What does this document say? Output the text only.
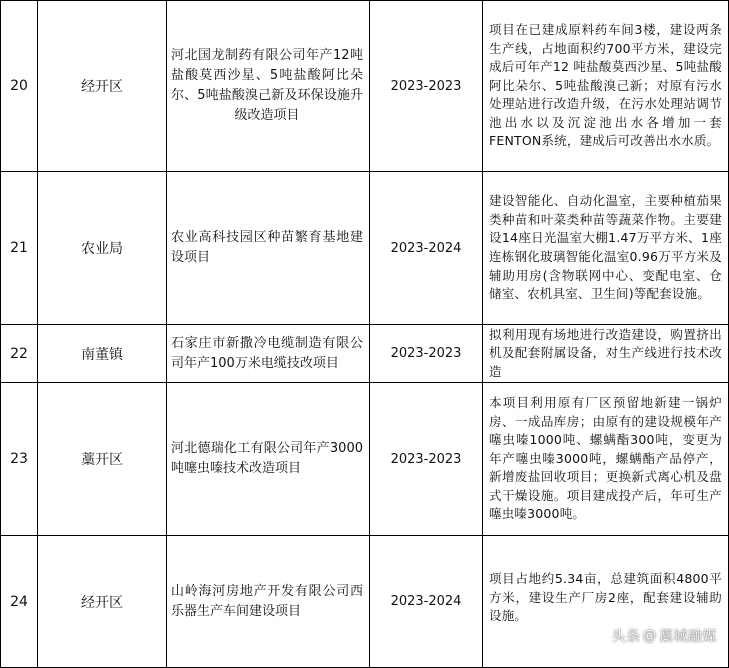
20	经开区	河北国龙制药有限公司年产12吨盐酸莫西沙星、5吨盐酸阿比朵尔、5吨盐酸溴己新及环保设施升级改造项目	2023-2023	项目在已建成原料药车间3楼，建设两条生产线，占地面积约700平方米，建设完成后可年产12 吨盐酸莫西沙星、5吨盐酸阿比朵尔、5吨盐酸溴己新；对原有污水处理站进行改造升级，在污水处理站调节池出水以及沉淀池出水各增加一套FENTON系统，建成后可改善出水水质。
21	农业局	农业高科技园区种苗繁育基地建设项目	2023-2024	建设智能化、自动化温室，主要种植茄果类种苗和叶菜类种苗等蔬菜作物。主要建设14座日光温室大棚1.47万平方米、1座连栋钢化玻璃智能化温室0.96万平方米及辅助用房(含物联网中心、变配电室、仓储室、农机具室、卫生间)等配套设施。
22	南董镇	石家庄市新撒冷电缆制造有限公司年产100万米电缆技改项目	2023-2023	拟利用现有场地进行改造建设，购置挤出机及配套附属设备，对生产线进行技术改造
23	藁开区	河北德瑞化工有限公司年产3000吨噻虫嗪技术改造项目	2023-2023	本项目利用原有厂区预留地新建一锅炉房、一成品库房；由原有的建设规模年产噻虫嗪1000吨、螺螨酯300吨，变更为年产噻虫嗪3000吨，螺螨酯产品停产，新增废盐回收项目；更换新式离心机及盘式干燥设施。项目建成投产后，年可生产噻虫嗪3000吨。
24	经开区	山岭海河房地产开发有限公司西乐器生产车间建设项目	2023-2024	项目占地约5.34亩，总建筑面积4800平方米，建设生产厂房2座，配套建设辅助设施。
头条 @ 藁城融媒
